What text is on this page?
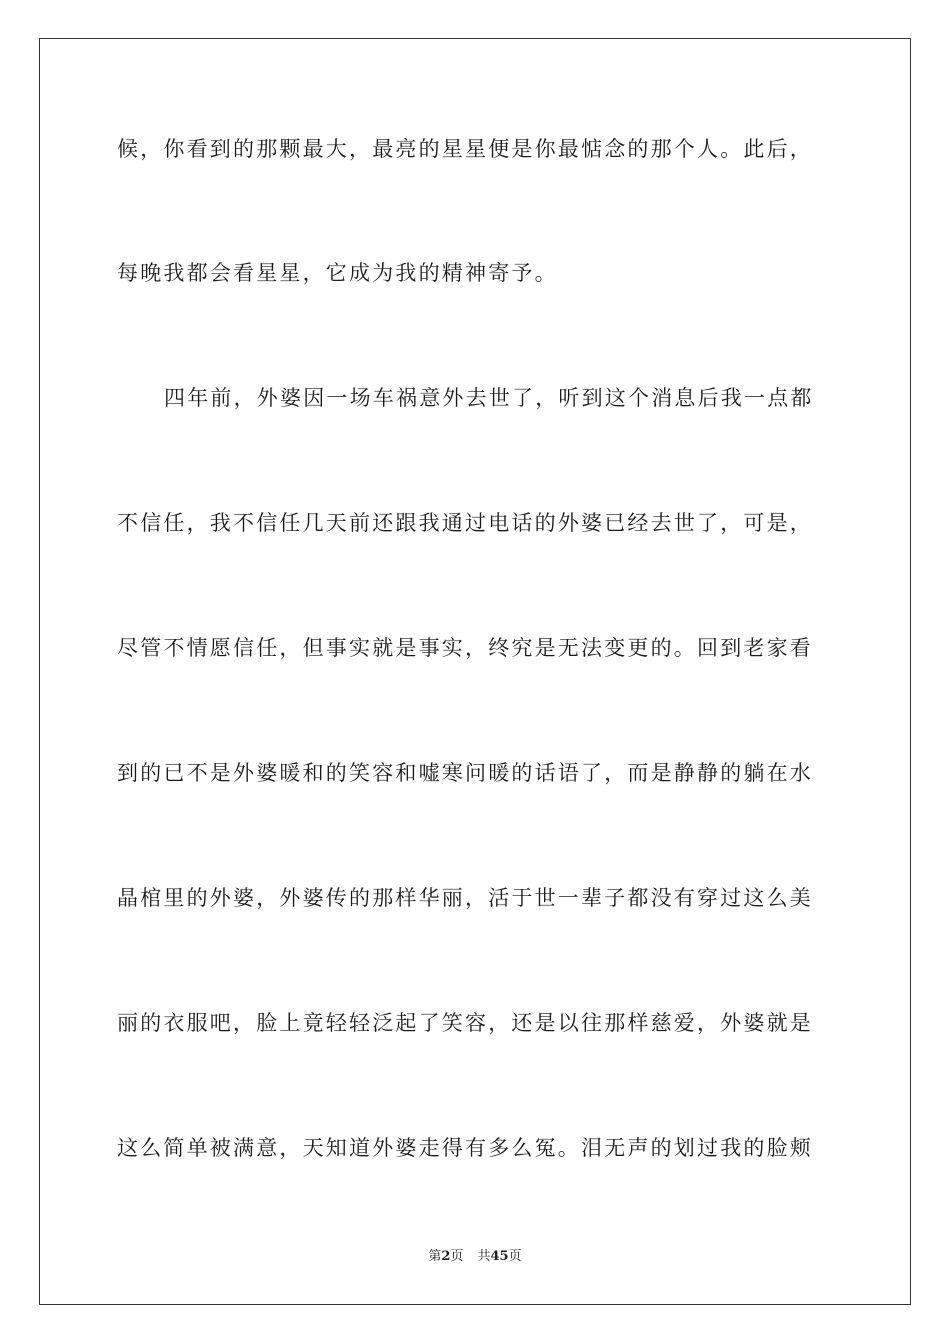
候，你看到的那颗最大，最亮的星星便是你最惦念的那个人。此后，
每晚我都会看星星，它成为我的精神寄予。
四年前，外婆因一场车祸意外去世了，听到这个消息后我一点都
不信任，我不信任几天前还跟我通过电话的外婆已经去世了，可是，
尽管不情愿信任，但事实就是事实，终究是无法变更的。回到老家看
到的已不是外婆暖和的笑容和嘘寒问暖的话语了，而是静静的躺在水
晶棺里的外婆，外婆传的那样华丽，活于世一辈子都没有穿过这么美
丽的衣服吧，脸上竟轻轻泛起了笑容，还是以往那样慈爱，外婆就是
这么简单被满意，天知道外婆走得有多么冤。泪无声的划过我的脸颊
第2页 共45页
